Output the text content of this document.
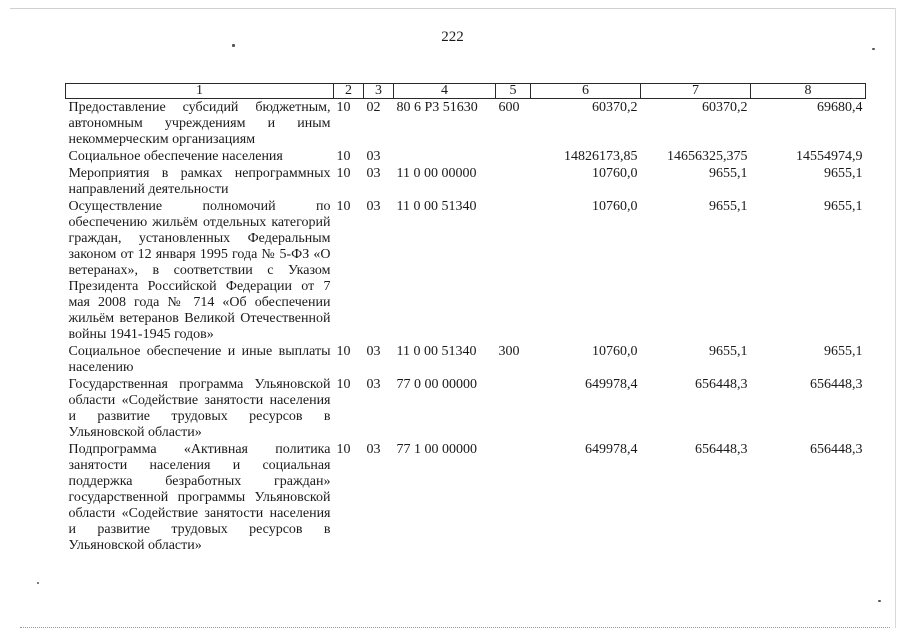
222
1	2	3	4	5	6	7	8
Предоставление субсидий бюджетным, автономным учреждениям и иным некоммерческим организациям	10	02	80 6 Р3 51630	600	60370,2	60370,2	69680,4
Социальное обеспечение населения	10	03			14826173,85	14656325,375	14554974,9
Мероприятия в рамках непрограммных направлений деятельности	10	03	11 0 00 00000		10760,0	9655,1	9655,1
Осуществление полномочий по обеспечению жильём отдельных категорий граждан, установленных Федеральным законом от 12 января 1995 года № 5-ФЗ «О ветеранах», в соответствии с Указом Президента Российской Федерации от 7 мая 2008 года № 714 «Об обеспечении жильём ветеранов Великой Отечественной войны 1941-1945 годов»	10	03	11 0 00 51340		10760,0	9655,1	9655,1
Социальное обеспечение и иные выплаты населению	10	03	11 0 00 51340	300	10760,0	9655,1	9655,1
Государственная программа Ульяновской области «Содействие занятости населения и развитие трудовых ресурсов в Ульяновской области»	10	03	77 0 00 00000		649978,4	656448,3	656448,3
Подпрограмма «Активная политика занятости населения и социальная поддержка безработных граждан» государственной программы Ульяновской области «Содействие занятости населения и развитие трудовых ресурсов в Ульяновской области»	10	03	77 1 00 00000		649978,4	656448,3	656448,3
